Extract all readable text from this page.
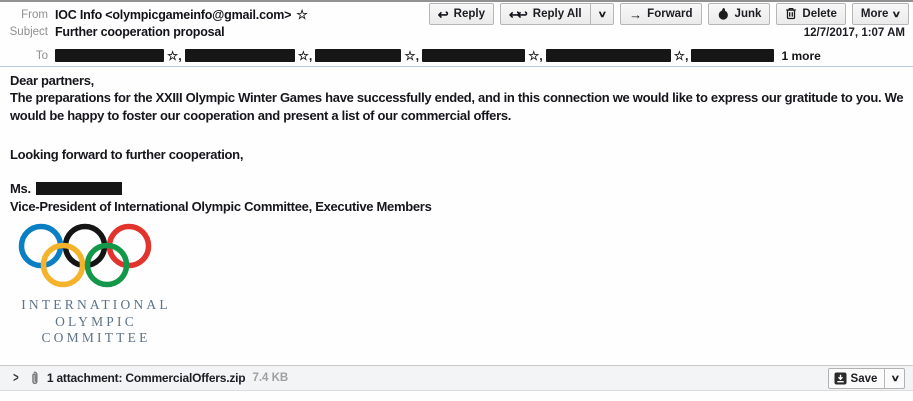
↩ Reply ↩
↩ Reply All ∨ → Forward	Junk	Delete More ∨
From IOC Info <olympicgameinfo@gmail.com> ☆
Subject Further cooperation proposal	12/7/2017, 1:07 AM
To	☆,	☆,	☆,	☆,	☆,	1 more
Dear partners,
The preparations for the XXIII Olympic Winter Games have successfully ended, and in this connection we would like to express our gratitude to you. We would be happy to foster our cooperation and present a list of our commercial offers.
Looking forward to further cooperation,
Ms.
Vice-President of International Olympic Committee, Executive Members
INTERNATIONAL
OLYMPIC
COMMITTEE
> 1 attachment: CommercialOffers.zip 7.4 KB	Save ∨
